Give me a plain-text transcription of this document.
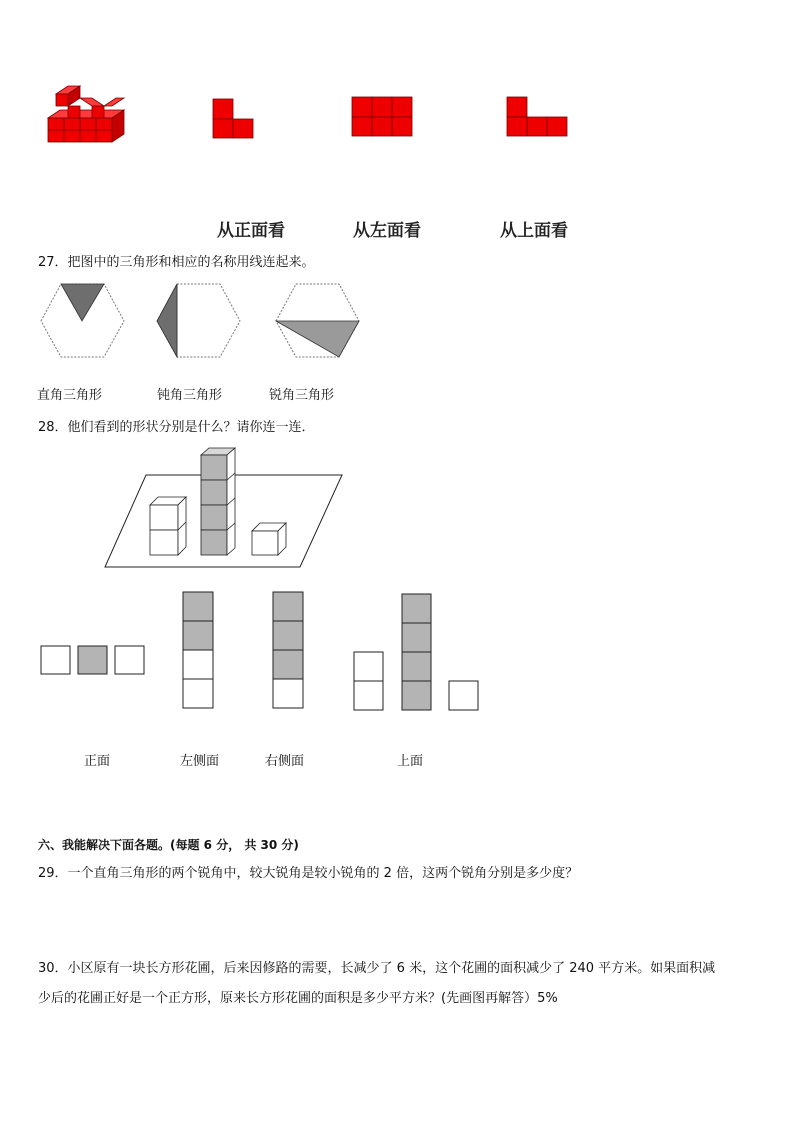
从正面看	从左面看	从上面看
27．把图中的三角形和相应的名称用线连起来。
直角三角形	钝角三角形	锐角三角形
28．他们看到的形状分别是什么？请你连一连．
正面	左侧面	右侧面	上面
六、我能解决下面各题。(每题 6 分， 共 30 分)
29．一个直角三角形的两个锐角中，较大锐角是较小锐角的 2 倍，这两个锐角分别是多少度？
30．小区原有一块长方形花圃，后来因修路的需要，长减少了 6 米，这个花圃的面积减少了 240 平方米。如果面积减
少后的花圃正好是一个正方形，原来长方形花圃的面积是多少平方米？(先画图再解答）5%
